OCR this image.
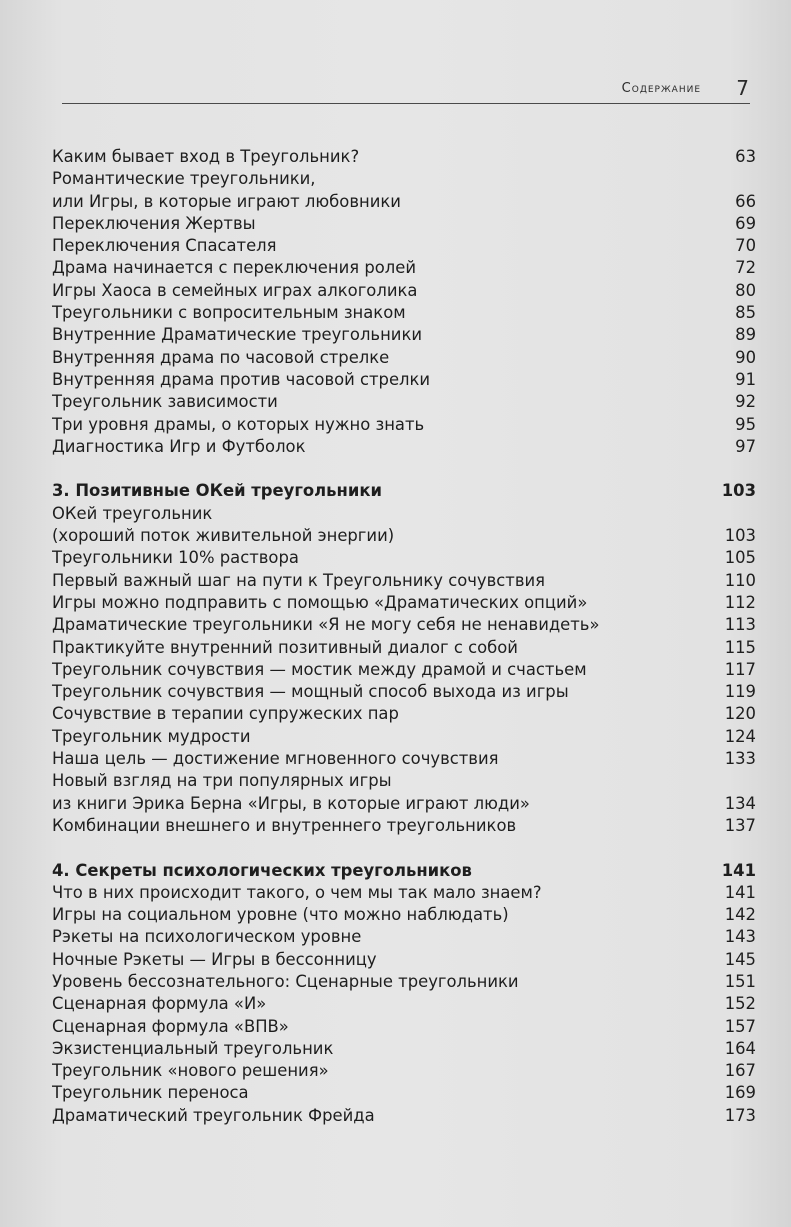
Содержание 7
Каким бывает вход в Треугольник?	63
Романтические треугольники,
или Игры, в которые играют любовники	66
Переключения Жертвы	69
Переключения Спасателя	70
Драма начинается с переключения ролей	72
Игры Хаоса в семейных играх алкоголика	80
Треугольники с вопросительным знаком	85
Внутренние Драматические треугольники	89
Внутренняя драма по часовой стрелке	90
Внутренняя драма против часовой стрелки	91
Треугольник зависимости	92
Три уровня драмы, о которых нужно знать	95
Диагностика Игр и Футболок	97
3. Позитивные ОКей треугольники	103
ОКей треугольник
(хороший поток живительной энергии)	103
Треугольники 10% раствора	105
Первый важный шаг на пути к Треугольнику сочувствия	110
Игры можно подправить с помощью «Драматических опций»	112
Драматические треугольники «Я не могу себя не ненавидеть»	113
Практикуйте внутренний позитивный диалог с собой	115
Треугольник сочувствия — мостик между драмой и счастьем	117
Треугольник сочувствия — мощный способ выхода из игры	119
Сочувствие в терапии супружеских пар	120
Треугольник мудрости	124
Наша цель — достижение мгновенного сочувствия	133
Новый взгляд на три популярных игры
из книги Эрика Берна «Игры, в которые играют люди»	134
Комбинации внешнего и внутреннего треугольников	137
4. Секреты психологических треугольников	141
Что в них происходит такого, о чем мы так мало знаем?	141
Игры на социальном уровне (что можно наблюдать)	142
Рэкеты на психологическом уровне	143
Ночные Рэкеты — Игры в бессонницу	145
Уровень бессознательного: Сценарные треугольники	151
Сценарная формула «И»	152
Сценарная формула «ВПВ»	157
Экзистенциальный треугольник	164
Треугольник «нового решения»	167
Треугольник переноса	169
Драматический треугольник Фрейда	173
